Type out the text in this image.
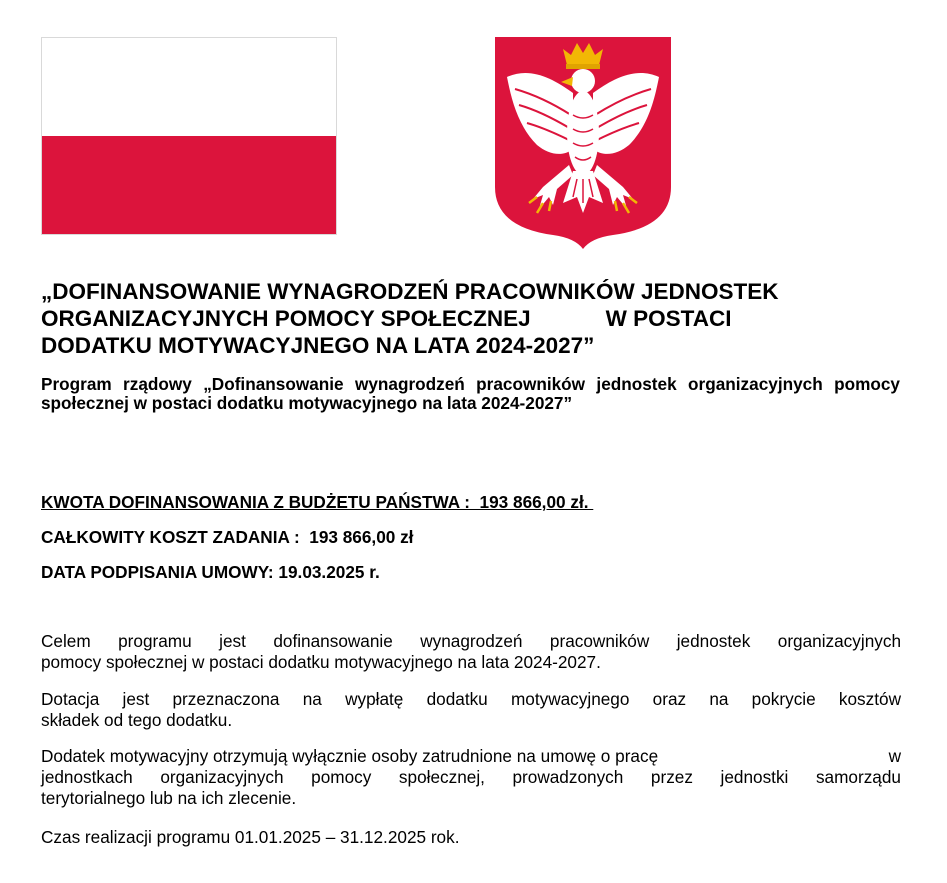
„DOFINANSOWANIE WYNAGRODZEŃ PRACOWNIKÓW JEDNOSTEK
ORGANIZACYJNYCH POMOCY SPOŁECZNEJ            W POSTACI
DODATKU MOTYWACYJNEGO NA LATA 2024-2027”

Program rządowy „Dofinansowanie wynagrodzeń pracowników jednostek organizacyjnych pomocy społecznej w postaci dodatku motywacyjnego na lata 2024-2027”

KWOTA DOFINANSOWANIA Z BUDŻETU PAŃSTWA :  193 866,00 zł.

CAŁKOWITY KOSZT ZADANIA :  193 866,00 zł

DATA PODPISANIA UMOWY: 19.03.2025 r.

Celem programu jest dofinansowanie wynagrodzeń pracowników jednostek organizacyjnych
pomocy społecznej w postaci dodatku motywacyjnego na lata 2024-2027.
Dotacja jest przeznaczona na wypłatę dodatku motywacyjnego oraz na pokrycie kosztów
składek od tego dodatku.
Dodatek motywacyjny otrzymują wyłącznie osoby zatrudnione na umowę o pracę	w
jednostkach organizacyjnych pomocy społecznej, prowadzonych przez jednostki samorządu
terytorialnego lub na ich zlecenie.
Czas realizacji programu 01.01.2025 – 31.12.2025 rok.
